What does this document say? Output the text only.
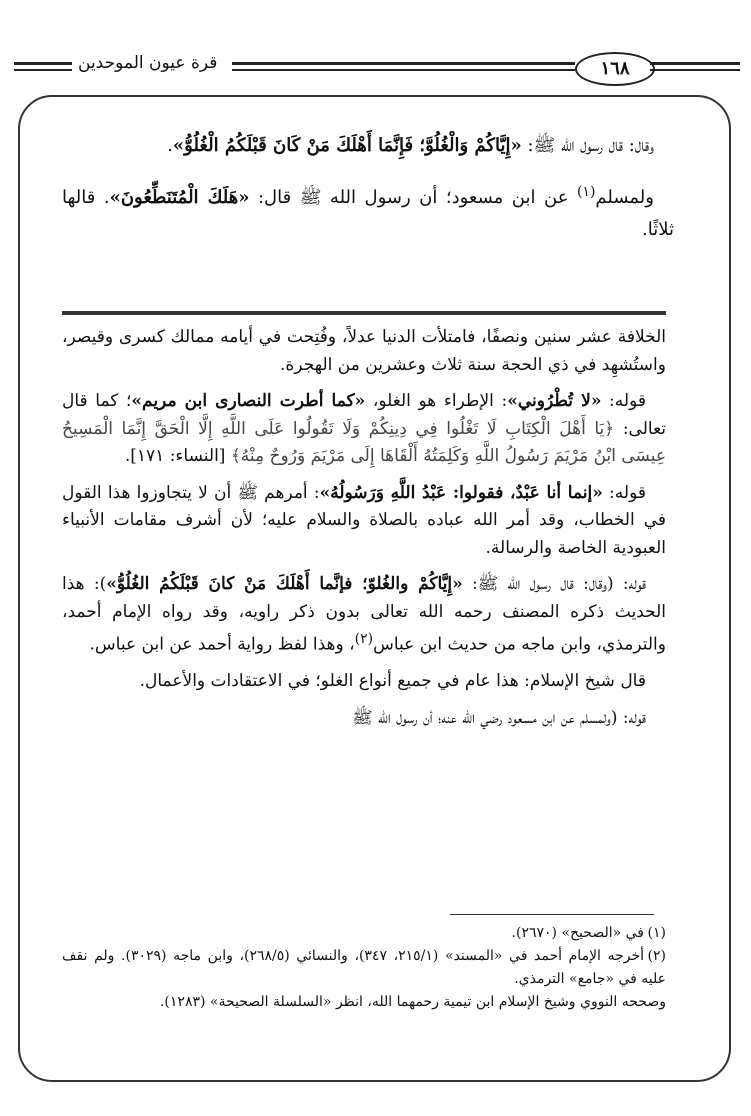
١٦٨
قرة عيون الموحدين

وقال: قال رسول الله ﷺ: «إِيَّاكُمْ وَالْغُلُوَّ؛ فَإِنَّمَا أَهْلَكَ مَنْ كَانَ قَبْلَكُمُ الْغُلُوُّ».

ولمسلم$^{(١)}$ عن ابن مسعود؛ أن رسول الله ﷺ قال: «هَلَكَ الْمُتَنَطِّعُونَ». قالها ثلاثًا.

الخلافة عشر سنين ونصفًا، فامتلأت الدنيا عدلاً، وفُتِحت في أيامه ممالك كسرى وقيصر، واستُشهِد في ذي الحجة سنة ثلاث وعشرين من الهجرة.

قوله: «لا تُطْرُوني»: الإطراء هو الغلو، «كما أطرت النصارى ابن مريم»؛ كما قال تعالى: ﴿يَا أَهْلَ الْكِتَابِ لَا تَغْلُوا فِي دِينِكُمْ وَلَا تَقُولُوا عَلَى اللَّهِ إِلَّا الْحَقَّ إِنَّمَا الْمَسِيحُ عِيسَى ابْنُ مَرْيَمَ رَسُولُ اللَّهِ وَكَلِمَتُهُ أَلْقَاهَا إِلَى مَرْيَمَ وَرُوحٌ مِنْهُ﴾ [النساء: ١٧١].

قوله: «إنما أنا عَبْدٌ، فقولوا: عَبْدُ اللَّهِ وَرَسُولُهُ»: أمرهم ﷺ أن لا يتجاوزوا هذا القول في الخطاب، وقد أمر الله عباده بالصلاة والسلام عليه؛ لأن أشرف مقامات الأنبياء العبودية الخاصة والرسالة.

قوله: (وقال: قال رسول الله ﷺ: «إِيَّاكُمْ والغُلوّ؛ فإنَّما أَهْلَكَ مَنْ كانَ قَبْلَكُمُ الغُلُوُّ»): هذا الحديث ذكره المصنف رحمه الله تعالى بدون ذكر راويه، وقد رواه الإمام أحمد، والترمذي، وابن ماجه من حديث ابن عباس$^{(٢)}$، وهذا لفظ رواية أحمد عن ابن عباس.

قال شيخ الإسلام: هذا عام في جميع أنواع الغلو؛ في الاعتقادات والأعمال.

قوله: (ولمسلم عن ابن مسعود رضي الله عنه؛ أن رسول الله ﷺ

(١)في «الصحيح» (٢٦٧٠).
(٢)أخرجه الإمام أحمد في «المسند» (٢١٥/١، ٣٤٧)، والنسائي (٢٦٨/٥)، وابن ماجه (٣٠٢٩). ولم نقف عليه في «جامع» الترمذي.
وصححه النووي وشيخ الإسلام ابن تيمية رحمهما الله، انظر «السلسلة الصحيحة» (١٢٨٣).
